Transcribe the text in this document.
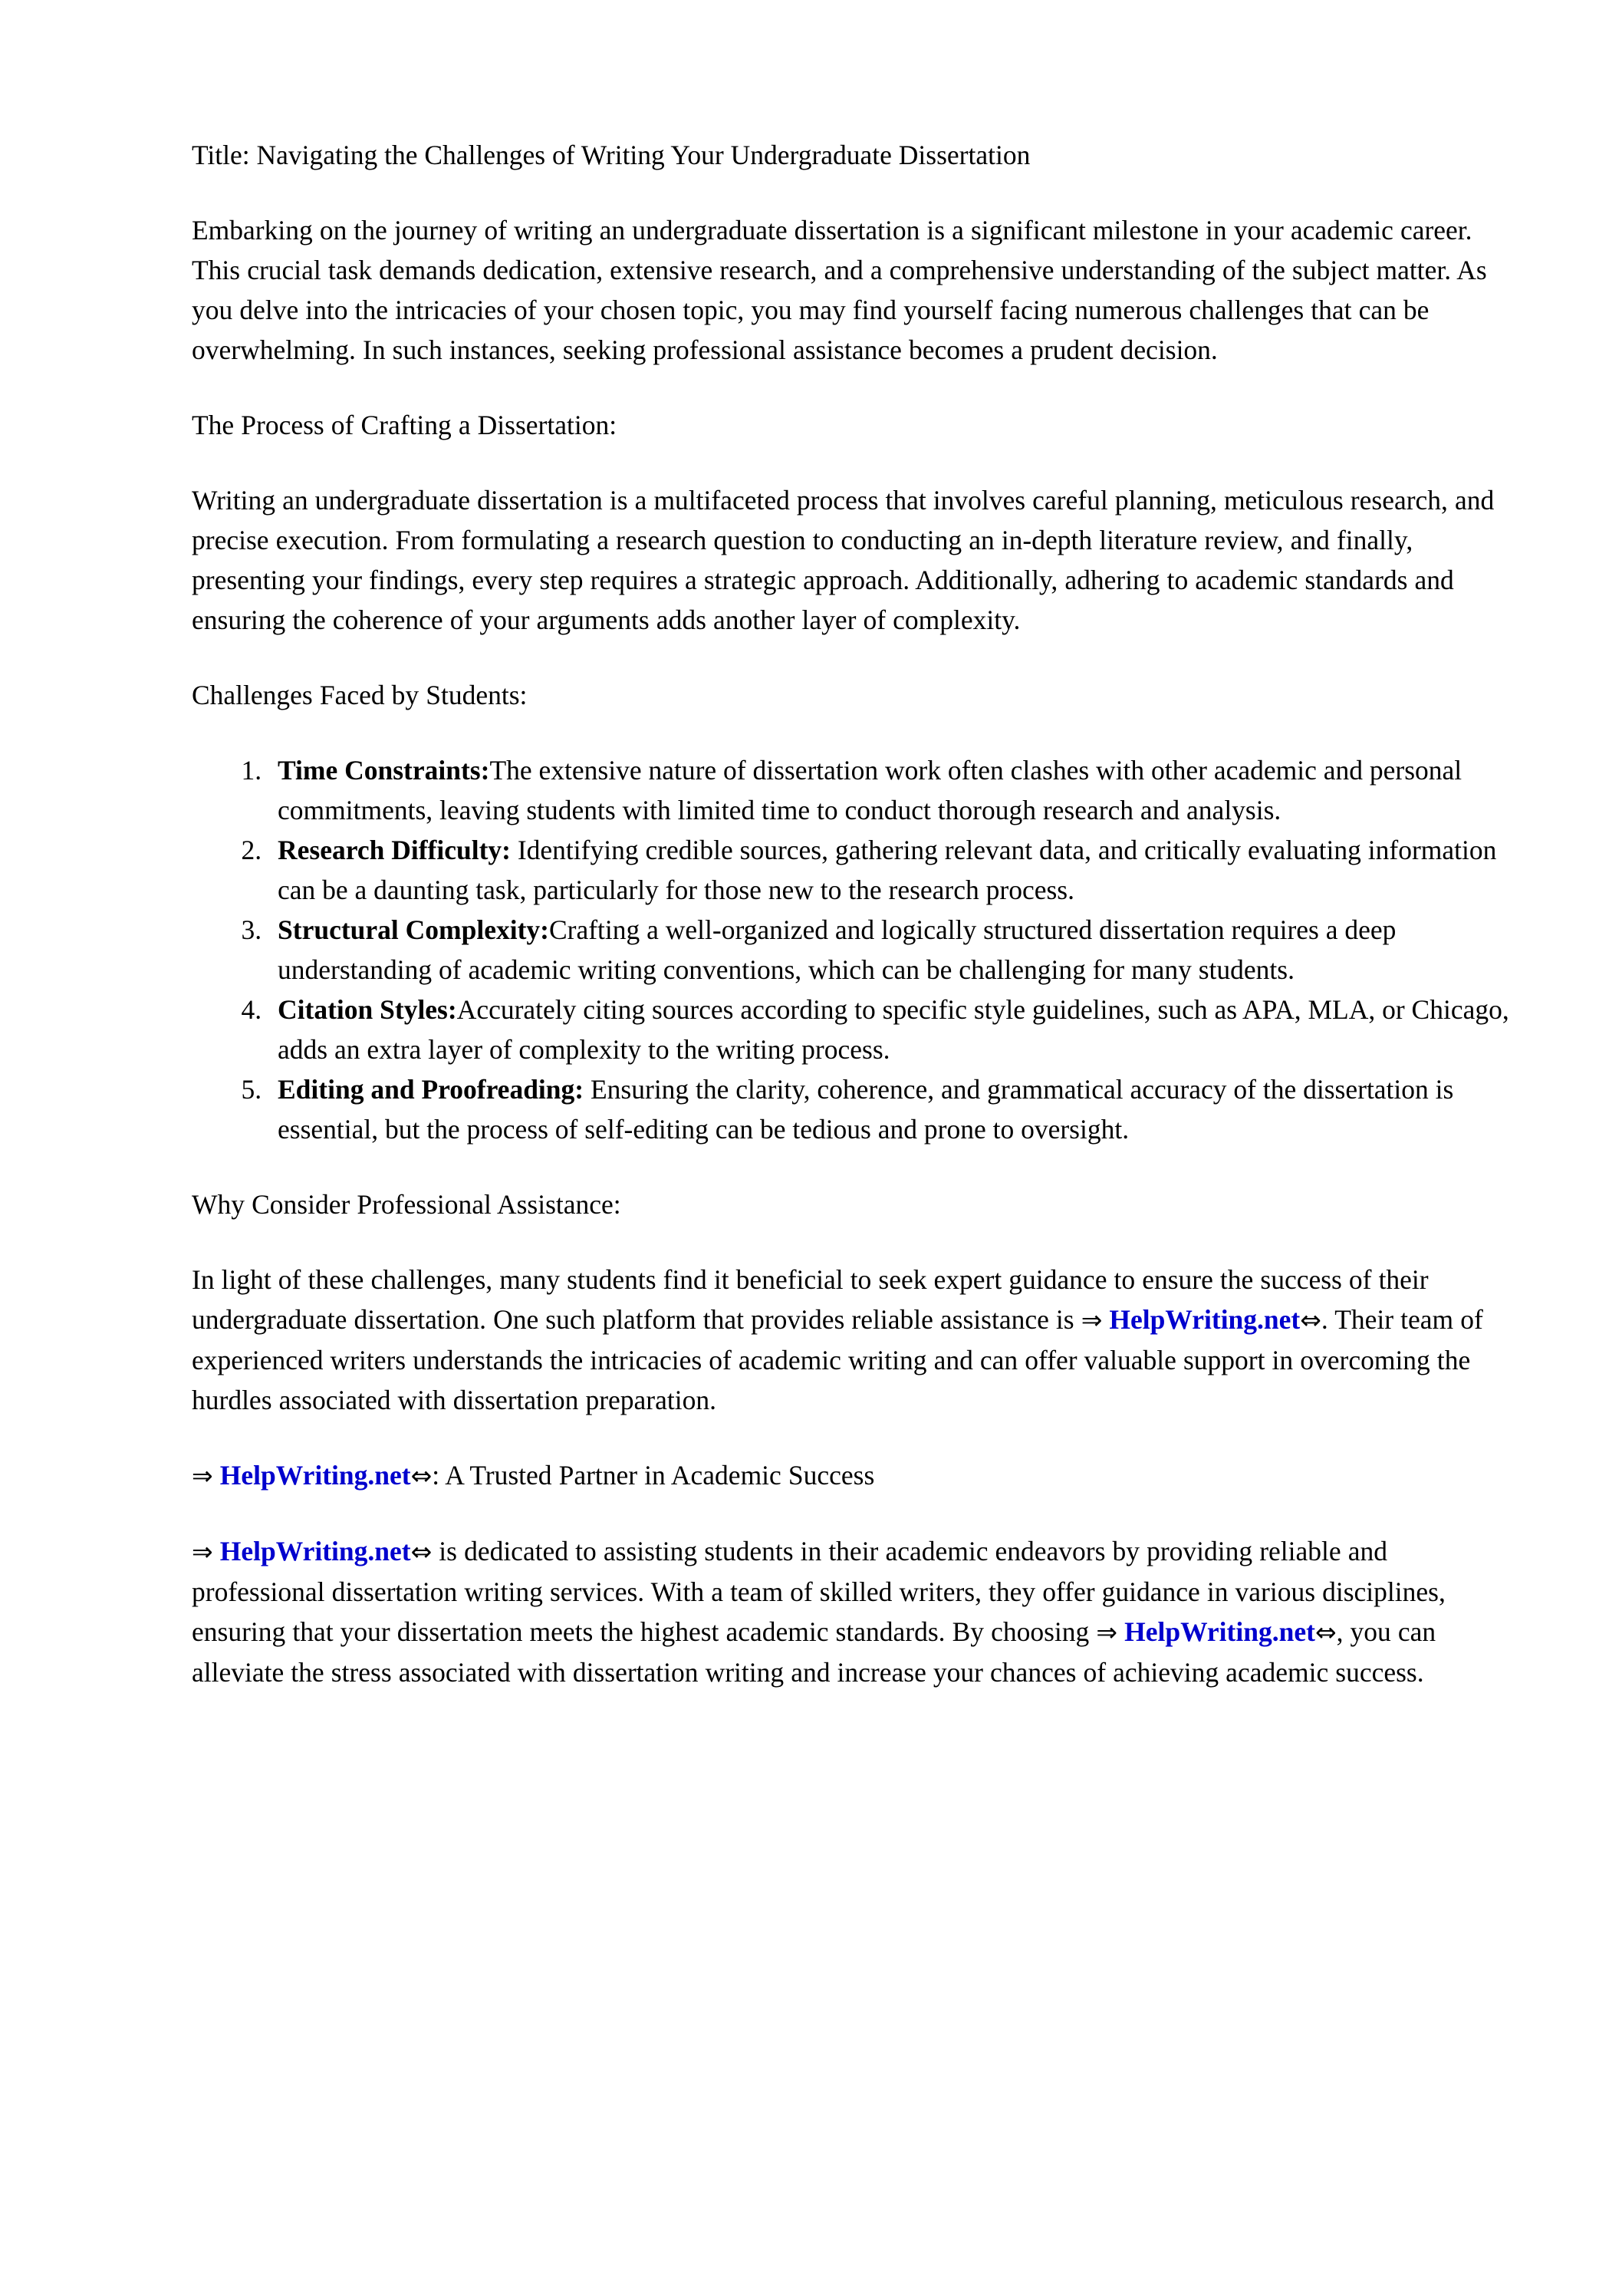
Title: Navigating the Challenges of Writing Your Undergraduate Dissertation

Embarking on the journey of writing an undergraduate dissertation is a significant milestone in your academic career. This crucial task demands dedication, extensive research, and a comprehensive understanding of the subject matter. As you delve into the intricacies of your chosen topic, you may find yourself facing numerous challenges that can be overwhelming. In such instances, seeking professional assistance becomes a prudent decision.

The Process of Crafting a Dissertation:

Writing an undergraduate dissertation is a multifaceted process that involves careful planning, meticulous research, and precise execution. From formulating a research question to conducting an in-depth literature review, and finally, presenting your findings, every step requires a strategic approach. Additionally, adhering to academic standards and ensuring the coherence of your arguments adds another layer of complexity.

Challenges Faced by Students:

1. Time Constraints:The extensive nature of dissertation work often clashes with other academic and personal commitments, leaving students with limited time to conduct thorough research and analysis.
2. Research Difficulty: Identifying credible sources, gathering relevant data, and critically evaluating information can be a daunting task, particularly for those new to the research process.
3. Structural Complexity:Crafting a well-organized and logically structured dissertation requires a deep understanding of academic writing conventions, which can be challenging for many students.
4. Citation Styles:Accurately citing sources according to specific style guidelines, such as APA, MLA, or Chicago, adds an extra layer of complexity to the writing process.
5. Editing and Proofreading: Ensuring the clarity, coherence, and grammatical accuracy of the dissertation is essential, but the process of self-editing can be tedious and prone to oversight.

Why Consider Professional Assistance:

In light of these challenges, many students find it beneficial to seek expert guidance to ensure the success of their undergraduate dissertation. One such platform that provides reliable assistance is ⇒ HelpWriting.net⇔. Their team of experienced writers understands the intricacies of academic writing and can offer valuable support in overcoming the hurdles associated with dissertation preparation.

⇒ HelpWriting.net⇔: A Trusted Partner in Academic Success

⇒ HelpWriting.net⇔ is dedicated to assisting students in their academic endeavors by providing reliable and professional dissertation writing services. With a team of skilled writers, they offer guidance in various disciplines, ensuring that your dissertation meets the highest academic standards. By choosing ⇒ HelpWriting.net⇔, you can alleviate the stress associated with dissertation writing and increase your chances of achieving academic success.
